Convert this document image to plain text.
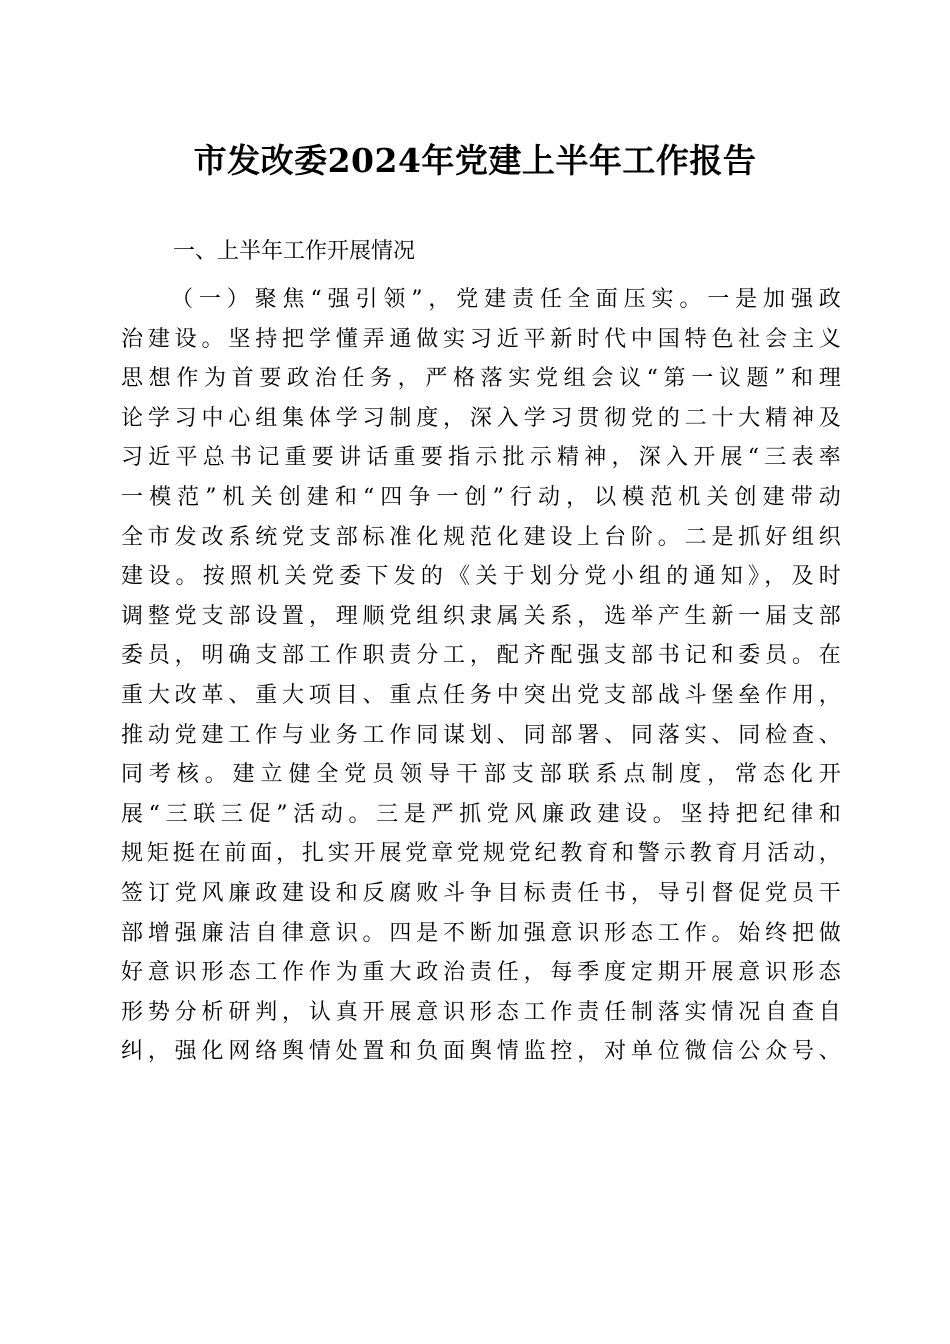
市发改委2024年党建上半年工作报告
一、上半年工作开展情况
（一）聚焦“强引领”，党建责任全面压实。一是加强政
治建设。坚持把学懂弄通做实习近平新时代中国特色社会主义
思想作为首要政治任务，严格落实党组会议“第一议题”和理
论学习中心组集体学习制度，深入学习贯彻党的二十大精神及
习近平总书记重要讲话重要指示批示精神，深入开展“三表率
一模范”机关创建和“四争一创”行动，以模范机关创建带动
全市发改系统党支部标准化规范化建设上台阶。二是抓好组织
建设。按照机关党委下发的《关于划分党小组的通知》，及时
调整党支部设置，理顺党组织隶属关系，选举产生新一届支部
委员，明确支部工作职责分工，配齐配强支部书记和委员。在
重大改革、重大项目、重点任务中突出党支部战斗堡垒作用，
推动党建工作与业务工作同谋划、同部署、同落实、同检查、
同考核。建立健全党员领导干部支部联系点制度，常态化开
展“三联三促”活动。三是严抓党风廉政建设。坚持把纪律和
规矩挺在前面，扎实开展党章党规党纪教育和警示教育月活动，
签订党风廉政建设和反腐败斗争目标责任书，导引督促党员干
部增强廉洁自律意识。四是不断加强意识形态工作。始终把做
好意识形态工作作为重大政治责任，每季度定期开展意识形态
形势分析研判，认真开展意识形态工作责任制落实情况自查自
纠，强化网络舆情处置和负面舆情监控，对单位微信公众号、
